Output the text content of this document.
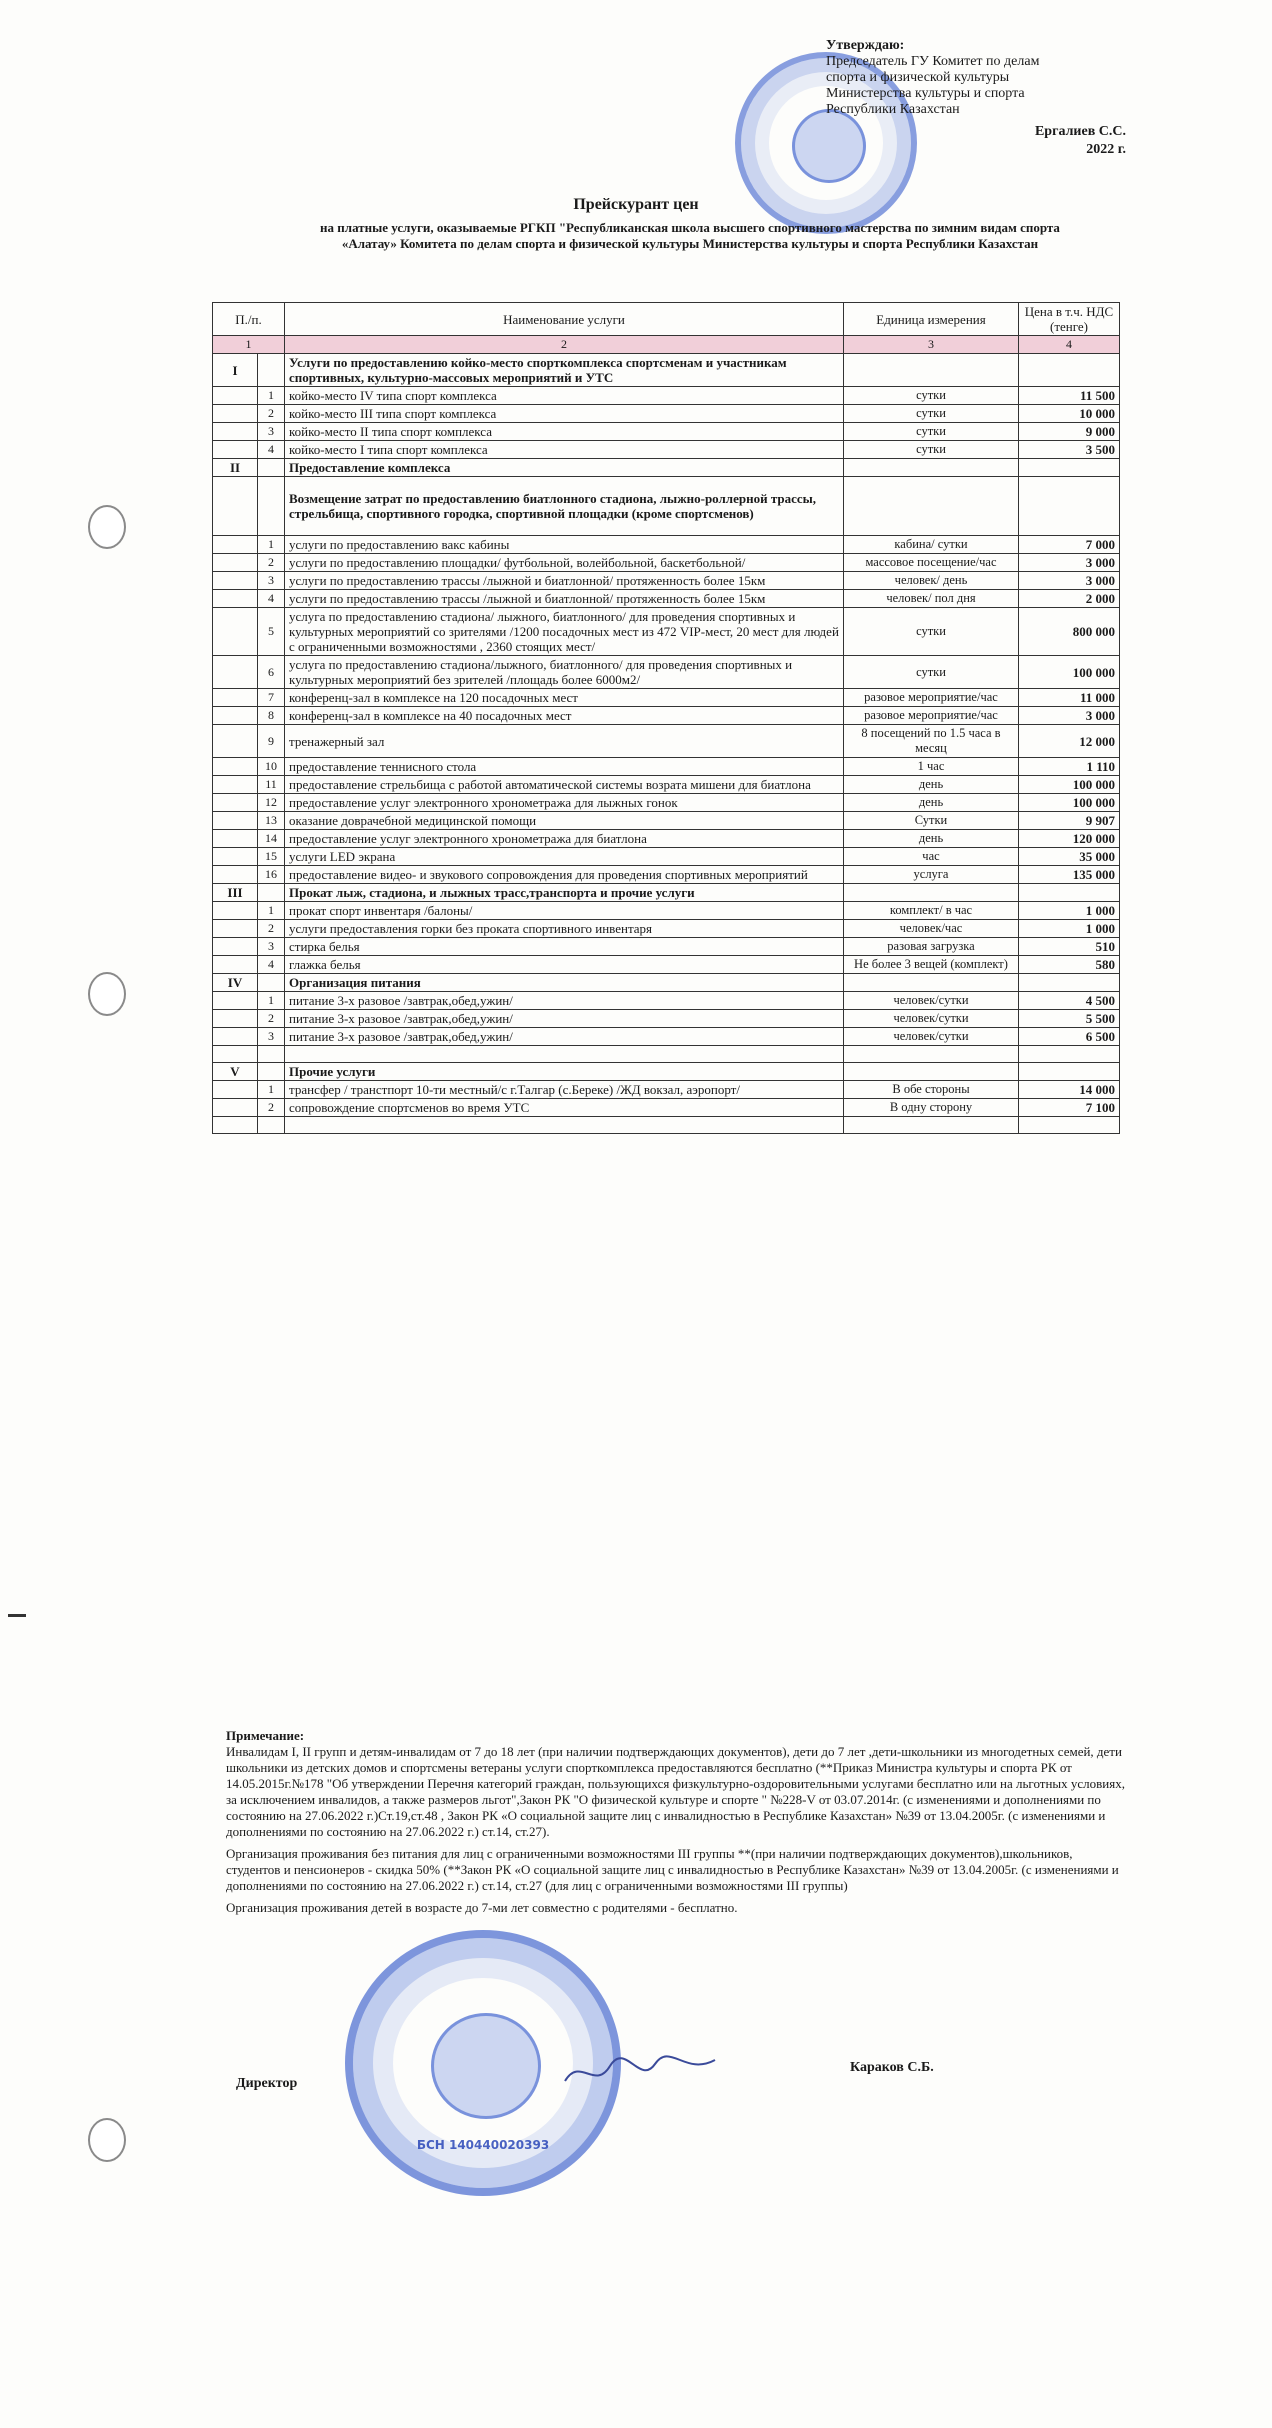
Утверждаю:
Председатель ГУ Комитет по делам
спорта и физической культуры
Министерства культуры и спорта
Республики Казахстан
Ергалиев С.С.
2022 г.
Прейскурант цен
на платные услуги, оказываемые РГКП "Республиканская школа высшего спортивного мастерства по зимним видам спорта «Алатау» Комитета по делам спорта и физической культуры Министерства культуры и спорта Республики Казахстан
П./п.		Наименование услуги	Единица измерения	Цена в т.ч. НДС (тенге)
1		2	3	4
I		Услуги по предоставлению койко-место спорткомплекса спортсменам и участникам спортивных, культурно-массовых мероприятий и УТС		
	1	койко-место IV типа спорт комплекса	сутки	11 500
	2	койко-место III типа спорт комплекса	сутки	10 000
	3	койко-место II типа спорт комплекса	сутки	9 000
	4	койко-место I типа спорт комплекса	сутки	3 500
II		Предоставление комплекса		
		Возмещение затрат по предоставлению биатлонного стадиона, лыжно-роллерной трассы, стрельбища, спортивного городка, спортивной площадки (кроме спортсменов)		
	1	услуги по предоставлению вакс кабины	кабина/ сутки	7 000
	2	услуги по предоставлению площадки/ футбольной, волейбольной, баскетбольной/	массовое посещение/час	3 000
	3	услуги по предоставлению трассы /лыжной и биатлонной/ протяженность более 15км	человек/ день	3 000
	4	услуги по предоставлению трассы /лыжной и биатлонной/ протяженность более 15км	человек/ пол дня	2 000
	5	услуга по предоставлению стадиона/ лыжного, биатлонного/ для проведения спортивных и культурных мероприятий со зрителями /1200 посадочных мест из 472 VIP-мест, 20 мест для людей с ограниченными возможностями , 2360 стоящих мест/	сутки	800 000
	6	услуга по предоставлению стадиона/лыжного, биатлонного/ для проведения спортивных и культурных мероприятий без зрителей /площадь более 6000м2/	сутки	100 000
	7	конференц-зал в комплексе на 120 посадочных мест	разовое мероприятие/час	11 000
	8	конференц-зал в комплексе на 40 посадочных мест	разовое мероприятие/час	3 000
	9	тренажерный зал	8 посещений по 1.5 часа в месяц	12 000
	10	предоставление теннисного стола	1 час	1 110
	11	предоставление стрельбища с работой автоматической системы возрата мишени для биатлона	день	100 000
	12	предоставление услуг электронного хронометража для лыжных гонок	день	100 000
	13	оказание доврачебной медицинской помощи	Сутки	9 907
	14	предоставление услуг электронного хронометража для биатлона	день	120 000
	15	услуги LED экрана	час	35 000
	16	предоставление видео- и звукового сопровождения для проведения спортивных мероприятий	услуга	135 000
III		Прокат лыж, стадиона, и лыжных трасс,транспорта и прочие услуги		
	1	прокат спорт инвентаря /балоны/	комплект/ в час	1 000
	2	услуги предоставления горки без проката спортивного инвентаря	человек/час	1 000
	3	стирка белья	разовая загрузка	510
	4	глажка белья	Не более 3 вещей (комплект)	580
IV		Организация питания		
	1	питание 3-х разовое /завтрак,обед,ужин/	человек/сутки	4 500
	2	питание 3-х разовое /завтрак,обед,ужин/	человек/сутки	5 500
	3	питание 3-х разовое /завтрак,обед,ужин/	человек/сутки	6 500

V		Прочие услуги		
	1	трансфер / транстпорт 10-ти местный/с г.Талгар (с.Береке) /ЖД вокзал, аэропорт/	В обе стороны	14 000
	2	сопровождение спортсменов во время УТС	В одну сторону	7 100

Примечание:

Инвалидам I, II групп и детям-инвалидам от 7 до 18 лет (при наличии подтверждающих документов), дети до 7 лет ,дети-школьники из многодетных семей, дети школьники из детских домов и спортсмены ветераны услуги спорткомплекса предоставляются бесплатно (**Приказ Министра культуры и спорта РК от 14.05.2015г.№178 "Об утверждении Перечня категорий граждан, пользующихся физкультурно-оздоровительными услугами бесплатно или на льготных условиях, за исключением инвалидов, а также размеров льгот",Закон РК "О физической культуре и спорте " №228-V от 03.07.2014г. (с изменениями и дополнениями по состоянию на 27.06.2022 г.)Ст.19,ст.48 , Закон РК «О социальной защите лиц с инвалидностью в Республике Казахстан» №39 от 13.04.2005г. (с изменениями и дополнениями по состоянию на 27.06.2022 г.) ст.14, ст.27).

Организация проживания без питания для лиц с ограниченными возможностями III группы **(при наличии подтверждающих документов),школьников, студентов и пенсионеров - скидка 50% (**Закон РК «О социальной защите лиц с инвалидностью в Республике Казахстан» №39 от 13.04.2005г. (с изменениями и дополнениями по состоянию на 27.06.2022 г.) ст.14, ст.27 (для лиц с ограниченными возможностями III группы)

Организация проживания детей в возрасте до 7-ми лет совместно с родителями - бесплатно.

БСН 140440020393
Директор
Караков С.Б.
